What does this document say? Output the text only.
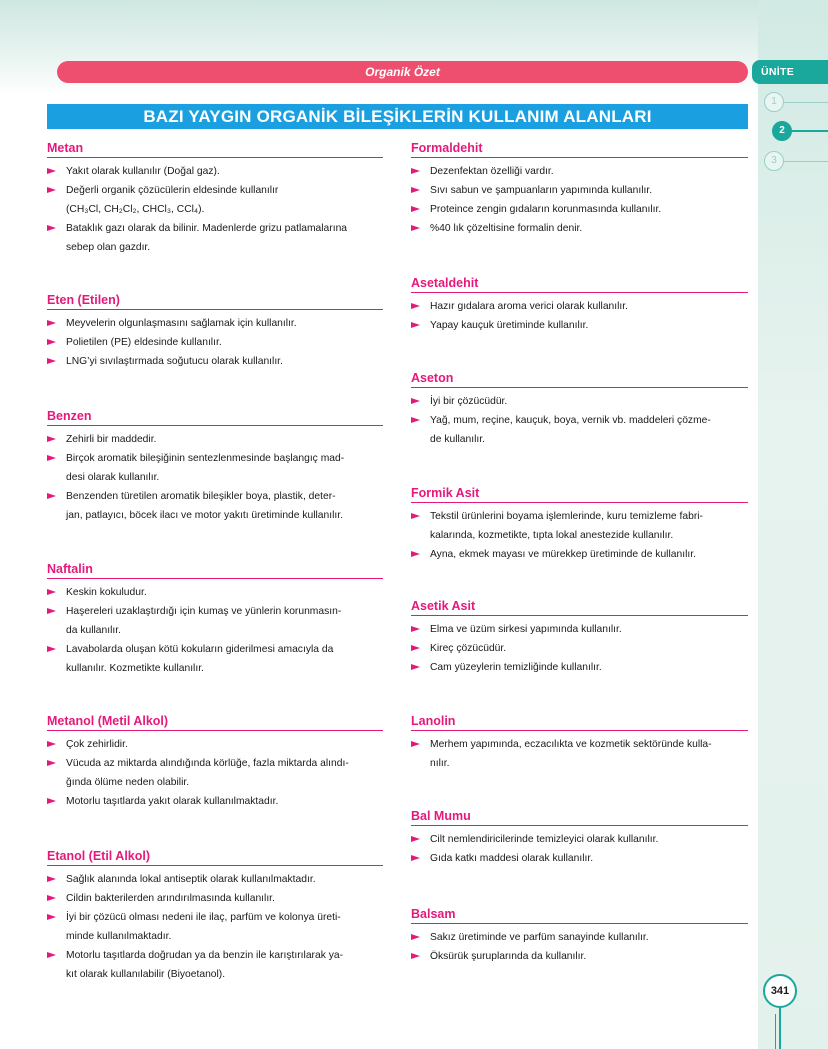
Organik Özet	ÜNİTE
1
2
3
BAZI YAYGIN ORGANİK BİLEŞİKLERİN KULLANIM ALANLARI
Metan
Yakıt olarak kullanılır (Doğal gaz).
Değerli organik çözücülerin eldesinde kullanılır
(CH₃Cl, CH₂Cl₂, CHCl₃, CCl₄).
Bataklık gazı olarak da bilinir. Madenlerde grizu patlamalarına
sebep olan gazdır.
Eten (Etilen)
Meyvelerin olgunlaşmasını sağlamak için kullanılır.
Polietilen (PE) eldesinde kullanılır.
LNG’yi sıvılaştırmada soğutucu olarak kullanılır.
Benzen
Zehirli bir maddedir.
Birçok aromatik bileşiğinin sentezlenmesinde başlangıç mad-
desi olarak kullanılır.
Benzenden türetilen aromatik bileşikler boya, plastik, deter-
jan, patlayıcı, böcek ilacı ve motor yakıtı üretiminde kullanılır.
Naftalin
Keskin kokuludur.
Haşereleri uzaklaştırdığı için kumaş ve yünlerin korunmasın-
da kullanılır.
Lavabolarda oluşan kötü kokuların giderilmesi amacıyla da
kullanılır. Kozmetikte kullanılır.
Metanol (Metil Alkol)
Çok zehirlidir.
Vücuda az miktarda alındığında körlüğe, fazla miktarda alındı-
ğında ölüme neden olabilir.
Motorlu taşıtlarda yakıt olarak kullanılmaktadır.
Etanol (Etil Alkol)
Sağlık alanında lokal antiseptik olarak kullanılmaktadır.
Cildin bakterilerden arındırılmasında kullanılır.
İyi bir çözücü olması nedeni ile ilaç, parfüm ve kolonya üreti-
minde kullanılmaktadır.
Motorlu taşıtlarda doğrudan ya da benzin ile karıştırılarak ya-
kıt olarak kullanılabilir (Biyoetanol).
Formaldehit
Dezenfektan özelliği vardır.
Sıvı sabun ve şampuanların yapımında kullanılır.
Proteince zengin gıdaların korunmasında kullanılır.
%40 lık çözeltisine formalin denir.
Asetaldehit
Hazır gıdalara aroma verici olarak kullanılır.
Yapay kauçuk üretiminde kullanılır.
Aseton
İyi bir çözücüdür.
Yağ, mum, reçine, kauçuk, boya, vernik vb. maddeleri çözme-
de kullanılır.
Formik Asit
Tekstil ürünlerini boyama işlemlerinde, kuru temizleme fabri-
kalarında, kozmetikte, tıpta lokal anestezide kullanılır.
Ayna, ekmek mayası ve mürekkep üretiminde de kullanılır.
Asetik Asit
Elma ve üzüm sirkesi yapımında kullanılır.
Kireç çözücüdür.
Cam yüzeylerin temizliğinde kullanılır.
Lanolin
Merhem yapımında, eczacılıkta ve kozmetik sektöründe kulla-
nılır.
Bal Mumu
Cilt nemlendiricilerinde temizleyici olarak kullanılır.
Gıda katkı maddesi olarak kullanılır.
Balsam
Sakız üretiminde ve parfüm sanayinde kullanılır.
Öksürük şuruplarında da kullanılır.
341
